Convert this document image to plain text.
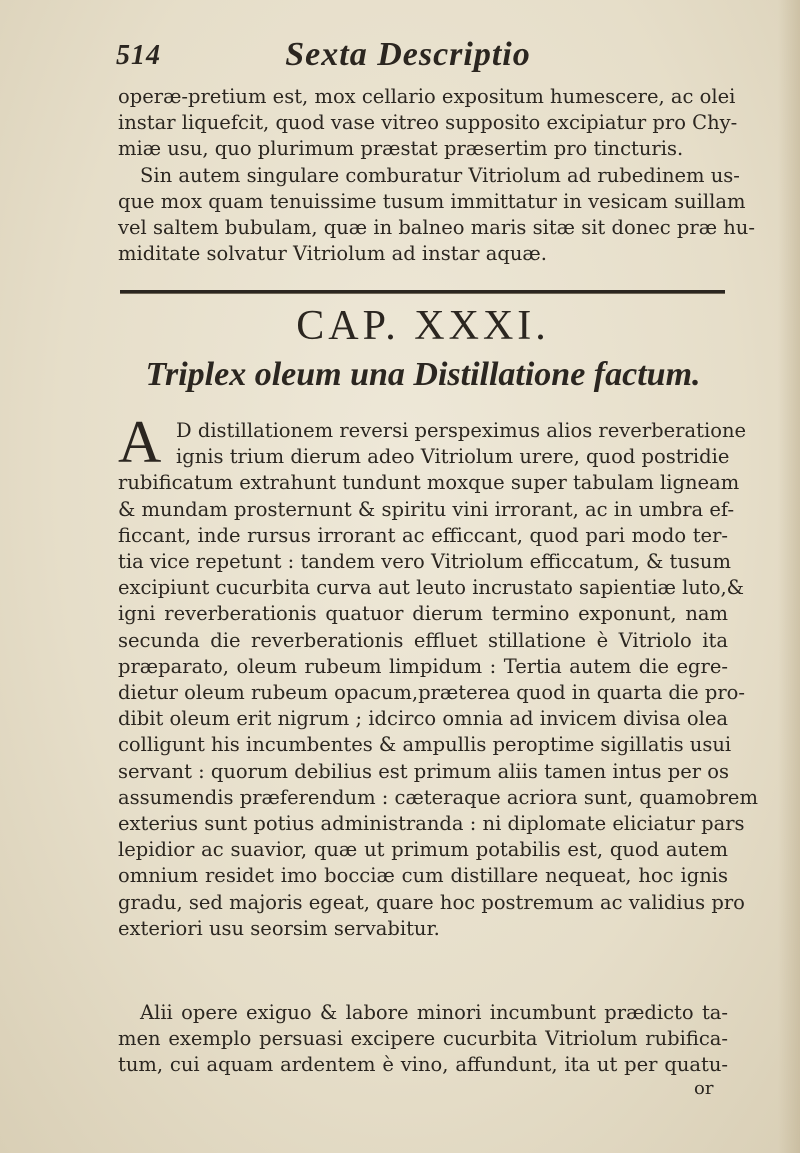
514	Sexta Descriptio
operæ-pretium est, mox cellario expositum humescere, ac olei
instar liquefcit, quod vase vitreo supposito excipiatur pro Chy-
miæ usu, quo plurimum præstat præsertim pro tincturis.
Sin autem singulare comburatur Vitriolum ad rubedinem us-
que mox quam tenuissime tusum immittatur in vesicam suillam
vel saltem bubulam, quæ in balneo maris sitæ sit donec præ hu-
miditate solvatur Vitriolum ad instar aquæ.
CAP. XXXI.
Triplex oleum una Distillatione factum.
A D distillationem reversi perspeximus alios reverberatione
ignis trium dierum adeo Vitriolum urere, quod postridie
rubificatum extrahunt tundunt moxque super tabulam ligneam
& mundam prosternunt & spiritu vini irrorant, ac in umbra ef-
ficcant, inde rursus irrorant ac efficcant, quod pari modo ter-
tia vice repetunt : tandem vero Vitriolum efficcatum, & tusum
excipiunt cucurbita curva aut leuto incrustato sapientiæ luto,&
igni reverberationis quatuor dierum termino exponunt, nam
secunda die reverberationis effluet stillatione è Vitriolo ita
præparato, oleum rubeum limpidum : Tertia autem die egre-
dietur oleum rubeum opacum,præterea quod in quarta die pro-
dibit oleum erit nigrum ; idcirco omnia ad invicem divisa olea
colligunt his incumbentes & ampullis peroptime sigillatis usui
servant : quorum debilius est primum aliis tamen intus per os
assumendis præferendum : cæteraque acriora sunt, quamobrem
exterius sunt potius administranda : ni diplomate eliciatur pars
lepidior ac suavior, quæ ut primum potabilis est, quod autem
omnium residet imo bocciæ cum distillare nequeat, hoc ignis
gradu, sed majoris egeat, quare hoc postremum ac validius pro
exteriori usu seorsim servabitur.
Alii opere exiguo & labore minori incumbunt prædicto ta-
men exemplo persuasi excipere cucurbita Vitriolum rubifica-
tum, cui aquam ardentem è vino, affundunt, ita ut per quatu-
or
